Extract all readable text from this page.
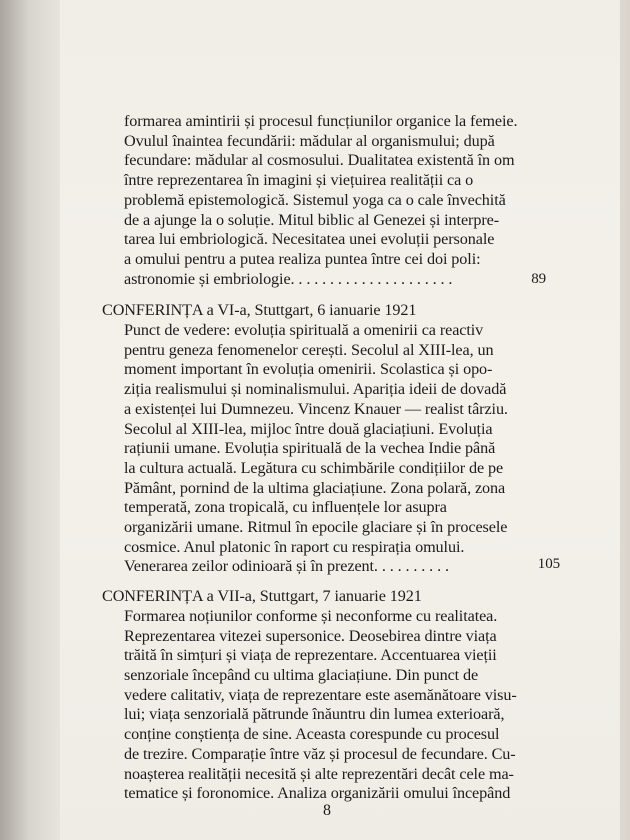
formarea amintirii și procesul funcțiunilor organice la femeie.
Ovulul înaintea fecundării: mădular al organismului; după
fecundare: mădular al cosmosului. Dualitatea existentă în om
între reprezentarea în imagini și viețuirea realității ca o
problemă epistemologică. Sistemul yoga ca o cale învechită
de a ajunge la o soluție. Mitul biblic al Genezei și interpre-
tarea lui embriologică. Necesitatea unei evoluții personale
a omului pentru a putea realiza puntea între cei doi poli:
astronomie și embriologie. . . . . . . . . . . . . . . . . . . . .	89
CONFERINȚA a VI-a, Stuttgart, 6 ianuarie 1921
Punct de vedere: evoluția spirituală a omenirii ca reactiv
pentru geneza fenomenelor cerești. Secolul al XIII-lea, un
moment important în evoluția omenirii. Scolastica și opo-
ziția realismului și nominalismului. Apariția ideii de dovadă
a existenței lui Dumnezeu. Vincenz Knauer — realist târziu.
Secolul al XIII-lea, mijloc între două glaciațiuni. Evoluția
rațiunii umane. Evoluția spirituală de la vechea Indie până
la cultura actuală. Legătura cu schimbările condițiilor de pe
Pământ, pornind de la ultima glaciațiune. Zona polară, zona
temperată, zona tropicală, cu influențele lor asupra
organizării umane. Ritmul în epocile glaciare și în procesele
cosmice. Anul platonic în raport cu respirația omului.
Venerarea zeilor odinioară și în prezent. . . . . . . . . .	105
CONFERINȚA a VII-a, Stuttgart, 7 ianuarie 1921
Formarea noțiunilor conforme și neconforme cu realitatea.
Reprezentarea vitezei supersonice. Deosebirea dintre viața
trăită în simțuri și viața de reprezentare. Accentuarea vieții
senzoriale începând cu ultima glaciațiune. Din punct de
vedere calitativ, viața de reprezentare este asemănătoare visu-
lui; viața senzorială pătrunde înăuntru din lumea exterioară,
conține conștiența de sine. Aceasta corespunde cu procesul
de trezire. Comparație între văz și procesul de fecundare. Cu-
noașterea realității necesită și alte reprezentări decât cele ma-
tematice și foronomice. Analiza organizării omului începând
8
